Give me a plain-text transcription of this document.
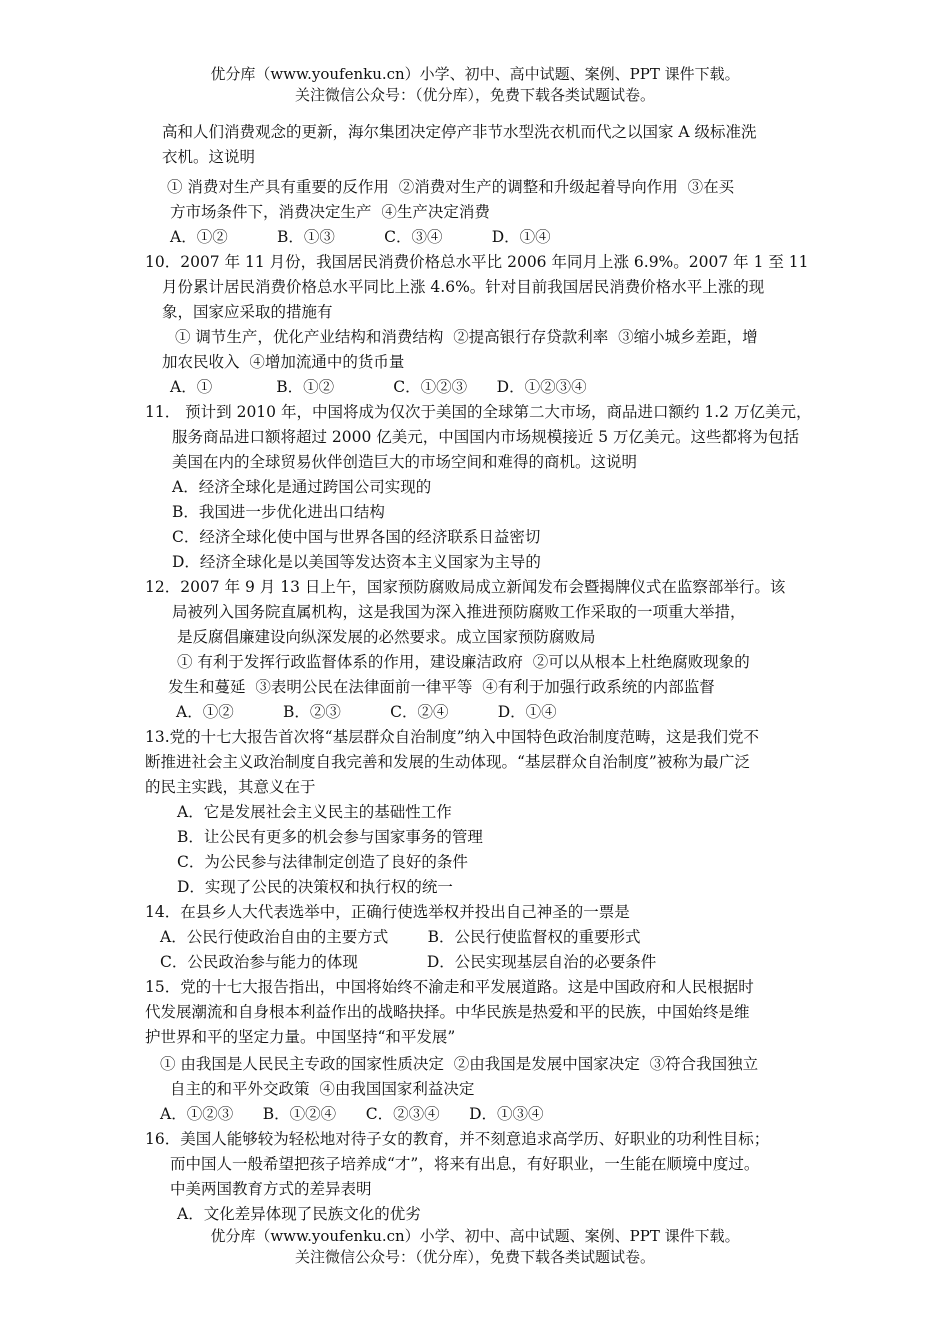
优分库（www.youfenku.cn）小学、初中、高中试题、案例、PPT 课件下载。
关注微信公众号：（优分库），免费下载各类试题试卷。
高和人们消费观念的更新，海尔集团决定停产非节水型洗衣机而代之以国家 A 级标准洗
衣机。这说明
① 消费对生产具有重要的反作用  ②消费对生产的调整和升级起着导向作用  ③在买
方市场条件下，消费决定生产  ④生产决定消费
A．①②          B．①③          C．③④          D．①④
10．2007 年 11 月份，我国居民消费价格总水平比 2006 年同月上涨 6.9%。2007 年 1 至 11
月份累计居民消费价格总水平同比上涨 4.6%。针对目前我国居民消费价格水平上涨的现
象，国家应采取的措施有
① 调节生产，优化产业结构和消费结构  ②提高银行存贷款利率  ③缩小城乡差距，增
加农民收入  ④增加流通中的货币量
A．①             B．①②            C．①②③      D．①②③④
11． 预计到 2010 年，中国将成为仅次于美国的全球第二大市场，商品进口额约 1.2 万亿美元，
服务商品进口额将超过 2000 亿美元，中国国内市场规模接近 5 万亿美元。这些都将为包括
美国在内的全球贸易伙伴创造巨大的市场空间和难得的商机。这说明
A．经济全球化是通过跨国公司实现的
B．我国进一步优化进出口结构
C．经济全球化使中国与世界各国的经济联系日益密切
D．经济全球化是以美国等发达资本主义国家为主导的
12．2007 年 9 月 13 日上午，国家预防腐败局成立新闻发布会暨揭牌仪式在监察部举行。该
局被列入国务院直属机构，这是我国为深入推进预防腐败工作采取的一项重大举措，
是反腐倡廉建设向纵深发展的必然要求。成立国家预防腐败局
① 有利于发挥行政监督体系的作用，建设廉洁政府  ②可以从根本上杜绝腐败现象的
发生和蔓延  ③表明公民在法律面前一律平等  ④有利于加强行政系统的内部监督
A．①②          B．②③          C．②④          D．①④
13.党的十七大报告首次将“基层群众自治制度”纳入中国特色政治制度范畴，这是我们党不
断推进社会主义政治制度自我完善和发展的生动体现。“基层群众自治制度”被称为最广泛
的民主实践，其意义在于
A．它是发展社会主义民主的基础性工作
B．让公民有更多的机会参与国家事务的管理
C．为公民参与法律制定创造了良好的条件
D．实现了公民的决策权和执行权的统一
14．在县乡人大代表选举中，正确行使选举权并投出自己神圣的一票是
A．公民行使政治自由的主要方式        B．公民行使监督权的重要形式
C．公民政治参与能力的体现              D．公民实现基层自治的必要条件
15．党的十七大报告指出，中国将始终不渝走和平发展道路。这是中国政府和人民根据时
代发展潮流和自身根本利益作出的战略抉择。中华民族是热爱和平的民族，中国始终是维
护世界和平的坚定力量。中国坚持“和平发展”
① 由我国是人民民主专政的国家性质决定  ②由我国是发展中国家决定  ③符合我国独立
自主的和平外交政策  ④由我国国家利益决定
A．①②③      B．①②④      C．②③④      D．①③④
16．美国人能够较为轻松地对待子女的教育，并不刻意追求高学历、好职业的功利性目标；
而中国人一般希望把孩子培养成“才”，将来有出息，有好职业，一生能在顺境中度过。
中美两国教育方式的差异表明
A．文化差异体现了民族文化的优劣
优分库（www.youfenku.cn）小学、初中、高中试题、案例、PPT 课件下载。
关注微信公众号：（优分库），免费下载各类试题试卷。
